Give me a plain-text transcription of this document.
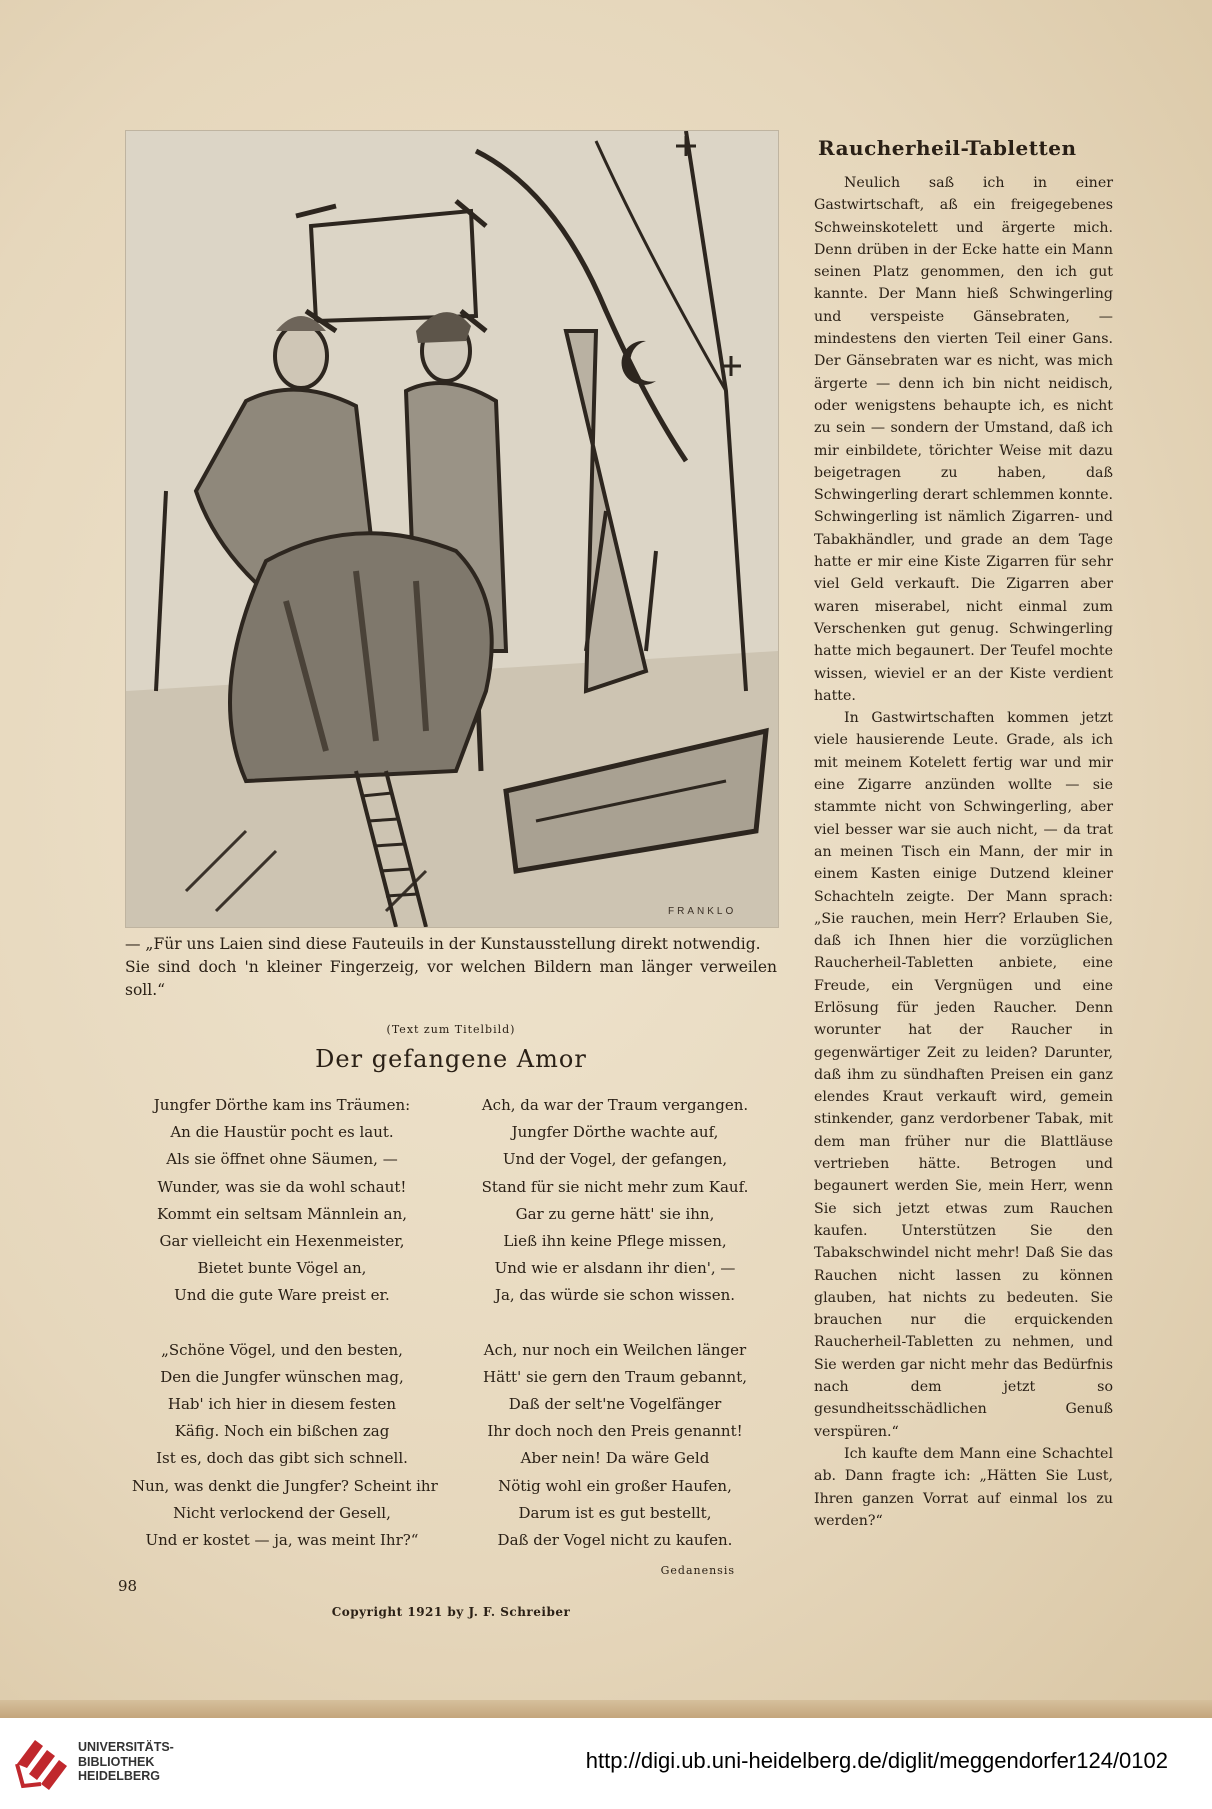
FRANKLO

— „Für uns Laien sind diese Fauteuils in der Kunstausstellung direkt notwendig.

Sie sind doch 'n kleiner Fingerzeig, vor welchen Bildern man länger verweilen soll.“

(Text zum Titelbild)
Der gefangene Amor
Jungfer Dörthe kam ins Träumen:
An die Haustür pocht es laut.
Als sie öffnet ohne Säumen, —
Wunder, was sie da wohl schaut!
Kommt ein seltsam Männlein an,
Gar vielleicht ein Hexenmeister,
Bietet bunte Vögel an,
Und die gute Ware preist er.
„Schöne Vögel, und den besten,
Den die Jungfer wünschen mag,
Hab' ich hier in diesem festen
Käfig. Noch ein bißchen zag
Ist es, doch das gibt sich schnell.
Nun, was denkt die Jungfer? Scheint ihr
Nicht verlockend der Gesell,
Und er kostet — ja, was meint Ihr?“
Ach, da war der Traum vergangen.
Jungfer Dörthe wachte auf,
Und der Vogel, der gefangen,
Stand für sie nicht mehr zum Kauf.
Gar zu gerne hätt' sie ihn,
Ließ ihn keine Pflege missen,
Und wie er alsdann ihr dien', —
Ja, das würde sie schon wissen.
Ach, nur noch ein Weilchen länger
Hätt' sie gern den Traum gebannt,
Daß der selt'ne Vogelfänger
Ihr doch noch den Preis genannt!
Aber nein! Da wäre Geld
Nötig wohl ein großer Haufen,
Darum ist es gut bestellt,
Daß der Vogel nicht zu kaufen.
Gedanensis
98
Copyright 1921 by J. F. Schreiber
Raucherheil-Tabletten

Neulich saß ich in einer Gastwirtschaft, aß ein freigegebenes Schweinskotelett und ärgerte mich. Denn drüben in der Ecke hatte ein Mann seinen Platz genommen, den ich gut kannte. Der Mann hieß Schwingerling und verspeiste Gänsebraten, — mindestens den vierten Teil einer Gans. Der Gänsebraten war es nicht, was mich ärgerte — denn ich bin nicht neidisch, oder wenigstens behaupte ich, es nicht zu sein — sondern der Umstand, daß ich mir einbildete, törichter Weise mit dazu beigetragen zu haben, daß Schwingerling derart schlemmen konnte. Schwingerling ist nämlich Zigarren- und Tabakhändler, und grade an dem Tage hatte er mir eine Kiste Zigarren für sehr viel Geld verkauft. Die Zigarren aber waren miserabel, nicht einmal zum Verschenken gut genug. Schwingerling hatte mich begaunert. Der Teufel mochte wissen, wieviel er an der Kiste verdient hatte.

In Gastwirtschaften kommen jetzt viele hausierende Leute. Grade, als ich mit meinem Kotelett fertig war und mir eine Zigarre anzünden wollte — sie stammte nicht von Schwingerling, aber viel besser war sie auch nicht, — da trat an meinen Tisch ein Mann, der mir in einem Kasten einige Dutzend kleiner Schachteln zeigte. Der Mann sprach: „Sie rauchen, mein Herr? Erlauben Sie, daß ich Ihnen hier die vorzüglichen Raucherheil-Tabletten anbiete, eine Freude, ein Vergnügen und eine Erlösung für jeden Raucher. Denn worunter hat der Raucher in gegenwärtiger Zeit zu leiden? Darunter, daß ihm zu sündhaften Preisen ein ganz elendes Kraut verkauft wird, gemein stinkender, ganz verdorbener Tabak, mit dem man früher nur die Blattläuse vertrieben hätte. Betrogen und begaunert werden Sie, mein Herr, wenn Sie sich jetzt etwas zum Rauchen kaufen. Unterstützen Sie den Tabakschwindel nicht mehr! Daß Sie das Rauchen nicht lassen zu können glauben, hat nichts zu bedeuten. Sie brauchen nur die erquickenden Raucherheil-Tabletten zu nehmen, und Sie werden gar nicht mehr das Bedürfnis nach dem jetzt so gesundheitsschädlichen Genuß verspüren.“

Ich kaufte dem Mann eine Schachtel ab. Dann fragte ich: „Hätten Sie Lust, Ihren ganzen Vorrat auf einmal los zu werden?“

UNIVERSITÄTS-
BIBLIOTHEK
HEIDELBERG
http://digi.ub.uni-heidelberg.de/diglit/meggendorfer124/0102
